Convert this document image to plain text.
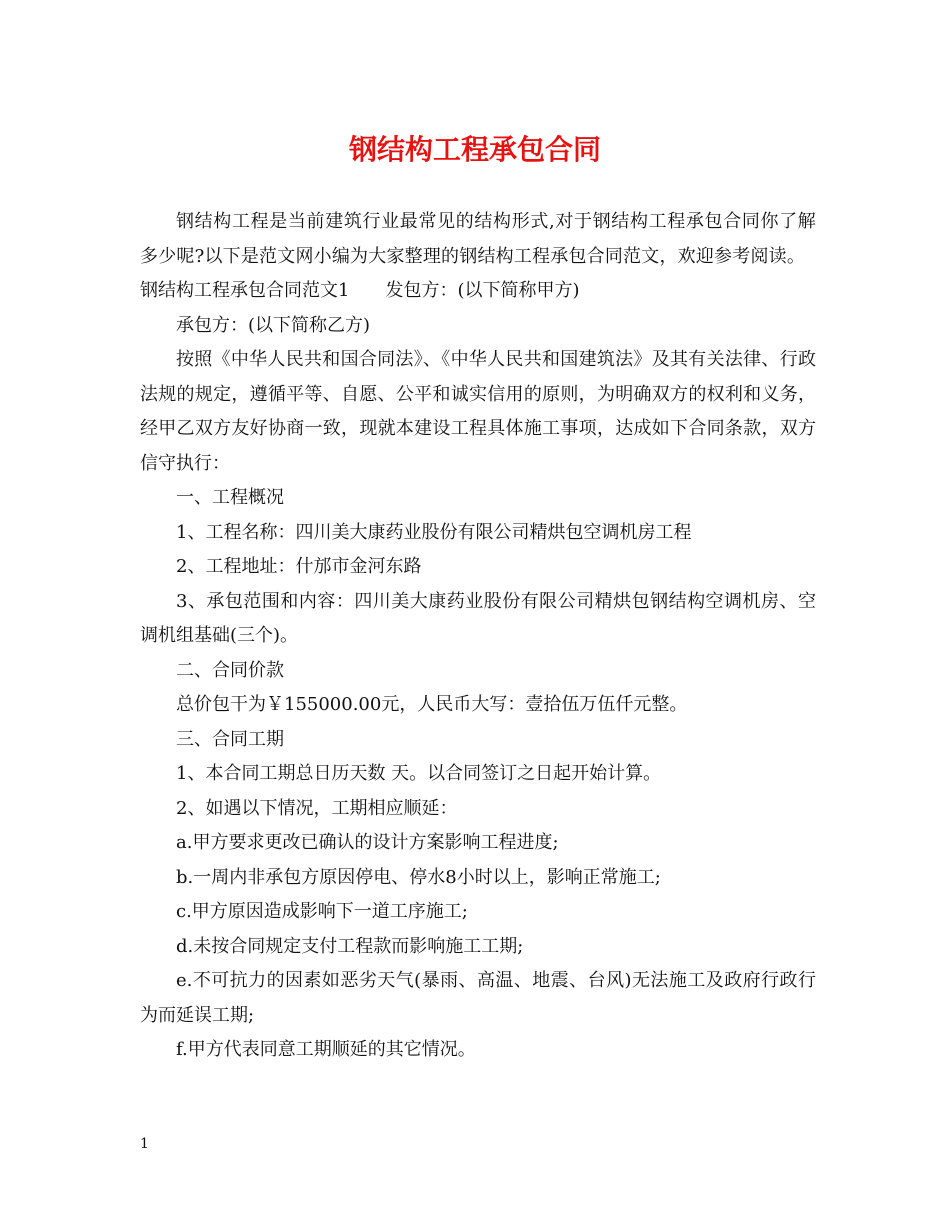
钢结构工程承包合同

钢结构工程是当前建筑行业最常见的结构形式,对于钢结构工程承包合同你了解多少呢?以下是范文网小编为大家整理的钢结构工程承包合同范文，欢迎参考阅读。

钢结构工程承包合同范文1 发包方：(以下简称甲方)

承包方：(以下简称乙方)

按照《中华人民共和国合同法》、《中华人民共和国建筑法》及其有关法律、行政法规的规定，遵循平等、自愿、公平和诚实信用的原则，为明确双方的权利和义务，经甲乙双方友好协商一致，现就本建设工程具体施工事项，达成如下合同条款，双方信守执行：

一、工程概况

1、工程名称：四川美大康药业股份有限公司精烘包空调机房工程

2、工程地址：什邡市金河东路

3、承包范围和内容：四川美大康药业股份有限公司精烘包钢结构空调机房、空调机组基础(三个)。

二、合同价款

总价包干为￥155000.00元，人民币大写：壹拾伍万伍仟元整。

三、合同工期

1、本合同工期总日历天数 天。以合同签订之日起开始计算。

2、如遇以下情况，工期相应顺延：

a.甲方要求更改已确认的设计方案影响工程进度;

b.一周内非承包方原因停电、停水8小时以上，影响正常施工;

c.甲方原因造成影响下一道工序施工;

d.未按合同规定支付工程款而影响施工工期;

e.不可抗力的因素如恶劣天气(暴雨、高温、地震、台风)无法施工及政府行政行为而延误工期;

f.甲方代表同意工期顺延的其它情况。

1
